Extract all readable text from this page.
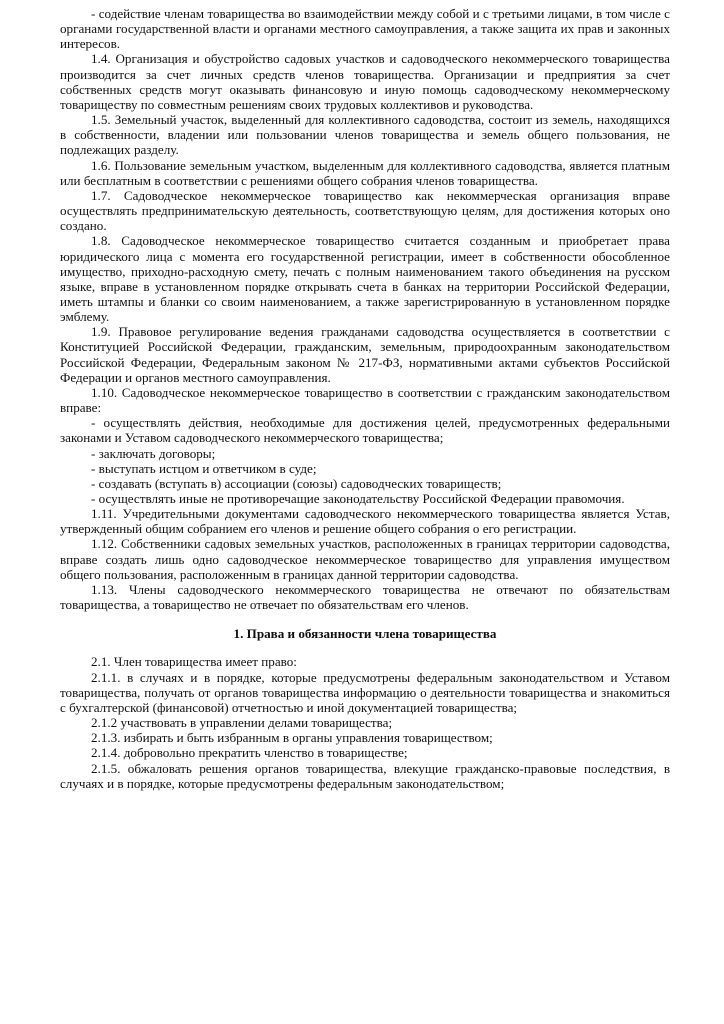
- содействие членам товарищества во взаимодействии между собой и с третьими лицами, в том числе с органами государственной власти и органами местного самоуправления, а также защита их прав и законных интересов.

1.4. Организация и обустройство садовых участков и садоводческого некоммерческого товарищества производится за счет личных средств членов товарищества. Организации и предприятия за счет собственных средств могут оказывать финансовую и иную помощь садоводческому некоммерческому товариществу по совместным решениям своих трудовых коллективов и руководства.

1.5. Земельный участок, выделенный для коллективного садоводства, состоит из земель, находящихся в собственности, владении или пользовании членов товарищества и земель общего пользования, не подлежащих разделу.

1.6. Пользование земельным участком, выделенным для коллективного садоводства, является платным или бесплатным в соответствии с решениями общего собрания членов товарищества.

1.7. Садоводческое некоммерческое товарищество как некоммерческая организация вправе осуществлять предпринимательскую деятельность, соответствующую целям, для достижения которых оно создано.

1.8. Садоводческое некоммерческое товарищество считается созданным и приобретает права юридического лица с момента его государственной регистрации, имеет в собственности обособленное имущество, приходно-расходную смету, печать с полным наименованием такого объединения на русском языке, вправе в установленном порядке открывать счета в банках на территории Российской Федерации, иметь штампы и бланки со своим наименованием, а также зарегистрированную в установленном порядке эмблему.

1.9. Правовое регулирование ведения гражданами садоводства осуществляется в соответствии с Конституцией Российской Федерации, гражданским, земельным, природоохранным законодательством Российской Федерации, Федеральным законом № 217-ФЗ, нормативными актами субъектов Российской Федерации и органов местного самоуправления.

1.10. Садоводческое некоммерческое товарищество в соответствии с гражданским законодательством вправе:

- осуществлять действия, необходимые для достижения целей, предусмотренных федеральными законами и Уставом садоводческого некоммерческого товарищества;

- заключать договоры;

- выступать истцом и ответчиком в суде;

- создавать (вступать в) ассоциации (союзы) садоводческих товариществ;

- осуществлять иные не противоречащие законодательству Российской Федерации правомочия.

1.11. Учредительными документами садоводческого некоммерческого товарищества является Устав, утвержденный общим собранием его членов и решение общего собрания о его регистрации.

1.12. Собственники садовых земельных участков, расположенных в границах территории садоводства, вправе создать лишь одно садоводческое некоммерческое товарищество для управления имуществом общего пользования, расположенным в границах данной территории садоводства.

1.13. Члены садоводческого некоммерческого товарищества не отвечают по обязательствам товарищества, а товарищество не отвечает по обязательствам его членов.

1. Права и обязанности члена товарищества

2.1. Член товарищества имеет право:

2.1.1. в случаях и в порядке, которые предусмотрены федеральным законодательством и Уставом товарищества, получать от органов товарищества информацию о деятельности товарищества и знакомиться с бухгалтерской (финансовой) отчетностью и иной документацией товарищества;

2.1.2 участвовать в управлении делами товарищества;

2.1.3. избирать и быть избранным в органы управления товариществом;

2.1.4. добровольно прекратить членство в товариществе;

2.1.5. обжаловать решения органов товарищества, влекущие гражданско-правовые последствия, в случаях и в порядке, которые предусмотрены федеральным законодательством;
